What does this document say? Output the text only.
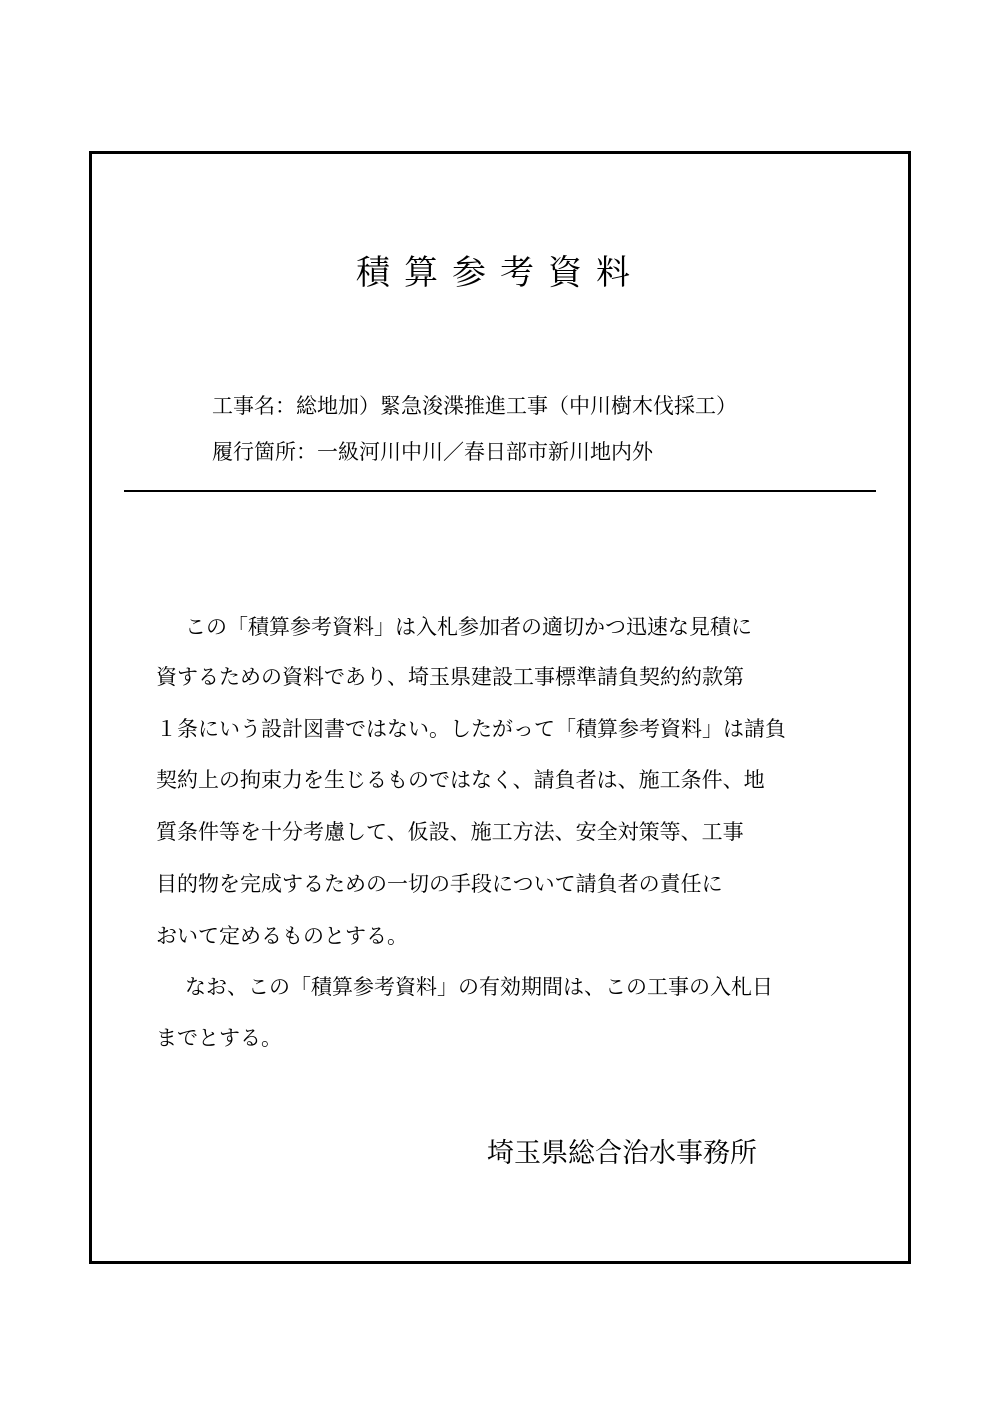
積算参考資料
工事名：総地加）緊急浚渫推進工事（中川樹木伐採工）
履行箇所：一級河川中川／春日部市新川地内外
この「積算参考資料」は入札参加者の適切かつ迅速な見積に
資するための資料であり、埼玉県建設工事標準請負契約約款第
１条にいう設計図書ではない。したがって「積算参考資料」は請負
契約上の拘束力を生じるものではなく、請負者は、施工条件、地
質条件等を十分考慮して、仮設、施工方法、安全対策等、工事
目的物を完成するための一切の手段について請負者の責任に
おいて定めるものとする。
なお、この「積算参考資料」の有効期間は、この工事の入札日
までとする。
埼玉県総合治水事務所
